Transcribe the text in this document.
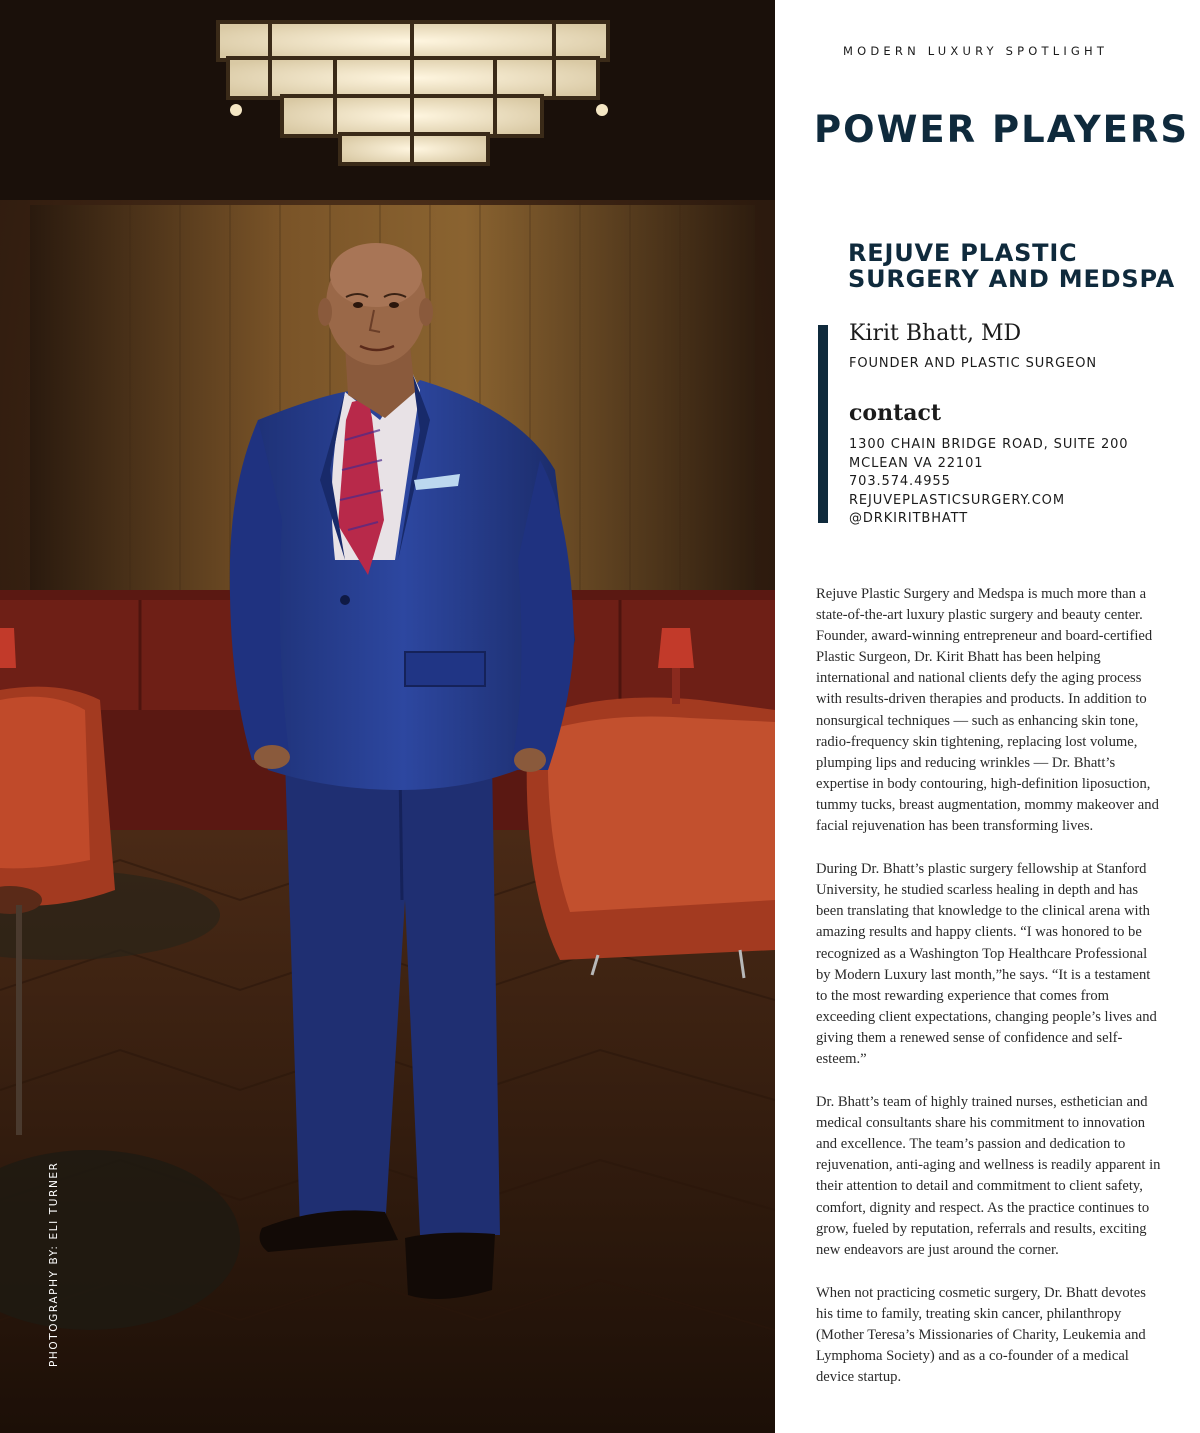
PHOTOGRAPHY BY: ELI TURNER
MODERN LUXURY SPOTLIGHT
POWER PLAYERS
REJUVE PLASTIC SURGERY AND MEDSPA
Kirit Bhatt, MD
FOUNDER AND PLASTIC SURGEON
contact
1300 CHAIN BRIDGE ROAD, SUITE 200
MCLEAN VA 22101
703.574.4955
REJUVEPLASTICSURGERY.COM
@DRKIRITBHATT

Rejuve Plastic Surgery and Medspa is much more than a state-of-the-art luxury plastic surgery and beauty center. Founder, award-winning entrepreneur and board-certified Plastic Surgeon, Dr. Kirit Bhatt has been helping international and national clients defy the aging process with results-driven therapies and products. In addition to nonsurgical techniques — such as enhancing skin tone, radio-frequency skin tightening, replacing lost volume, plumping lips and reducing wrinkles — Dr. Bhatt’s expertise in body contouring, high-definition liposuction, tummy tucks, breast augmentation, mommy makeover and facial rejuvenation has been transforming lives.

During Dr. Bhatt’s plastic surgery fellowship at Stanford University, he studied scarless healing in depth and has been translating that knowledge to the clinical arena with amazing results and happy clients. “I was honored to be recognized as a Washington Top Healthcare Professional by Modern Luxury last month,”he says. “It is a testament to the most rewarding experience that comes from exceeding client expectations, changing people’s lives and giving them a renewed sense of confidence and self-esteem.”

Dr. Bhatt’s team of highly trained nurses, esthetician and medical consultants share his commitment to innovation and excellence. The team’s passion and dedication to rejuvenation, anti-aging and wellness is readily apparent in their attention to detail and commitment to client safety, comfort, dignity and respect. As the practice continues to grow, fueled by reputation, referrals and results, exciting new endeavors are just around the corner.

When not practicing cosmetic surgery, Dr. Bhatt devotes his time to family, treating skin cancer, philanthropy (Mother Teresa’s Missionaries of Charity, Leukemia and Lymphoma Society) and as a co-founder of a medical device startup.
